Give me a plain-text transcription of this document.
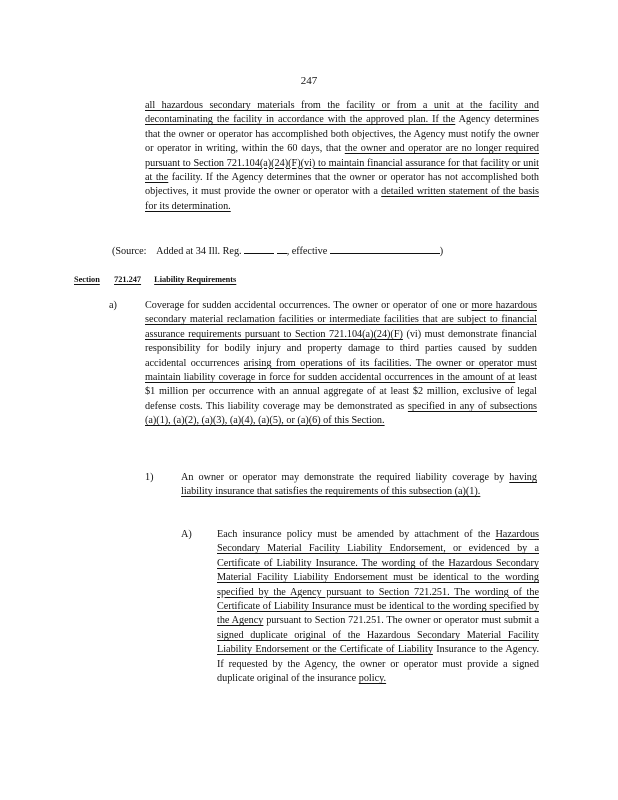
247
all hazardous secondary materials from the facility or from a unit at the facility and decontaminating the facility in accordance with the approved plan. If the Agency determines that the owner or operator has accomplished both objectives, the Agency must notify the owner or operator in writing, within the 60 days, that the owner and operator are no longer required pursuant to Section 721.104(a)(24)(F)(vi) to maintain financial assurance for that facility or unit at the facility. If the Agency determines that the owner or operator has not accomplished both objectives, it must provide the owner or operator with a detailed written statement of the basis for its determination.
(Source: Added at 34 Ill. Reg.	, effective	)
Section 721.247 Liability Requirements
a)	Coverage for sudden accidental occurrences. The owner or operator of one or more hazardous secondary material reclamation facilities or intermediate facilities that are subject to financial assurance requirements pursuant to Section 721.104(a)(24)(F) (vi) must demonstrate financial responsibility for bodily injury and property damage to third parties caused by sudden accidental occurrences arising from operations of its facilities. The owner or operator must maintain liability coverage in force for sudden accidental occurrences in the amount of at least $1 million per occurrence with an annual aggregate of at least $2 million, exclusive of legal defense costs. This liability coverage may be demonstrated as specified in any of subsections (a)(1), (a)(2), (a)(3), (a)(4), (a)(5), or (a)(6) of this Section.
1)	An owner or operator may demonstrate the required liability coverage by having liability insurance that satisfies the requirements of this subsection (a)(1).
A) Each insurance policy must be amended by attachment of the Hazardous Secondary Material Facility Liability Endorsement, or evidenced by a Certificate of Liability Insurance. The wording of the Hazardous Secondary Material Facility Liability Endorsement must be identical to the wording specified by the Agency pursuant to Section 721.251. The wording of the Certificate of Liability Insurance must be identical to the wording specified by the Agency pursuant to Section 721.251. The owner or operator must submit a signed duplicate original of the Hazardous Secondary Material Facility Liability Endorsement or the Certificate of Liability Insurance to the Agency. If requested by the Agency, the owner or operator must provide a signed duplicate original of the insurance policy.
